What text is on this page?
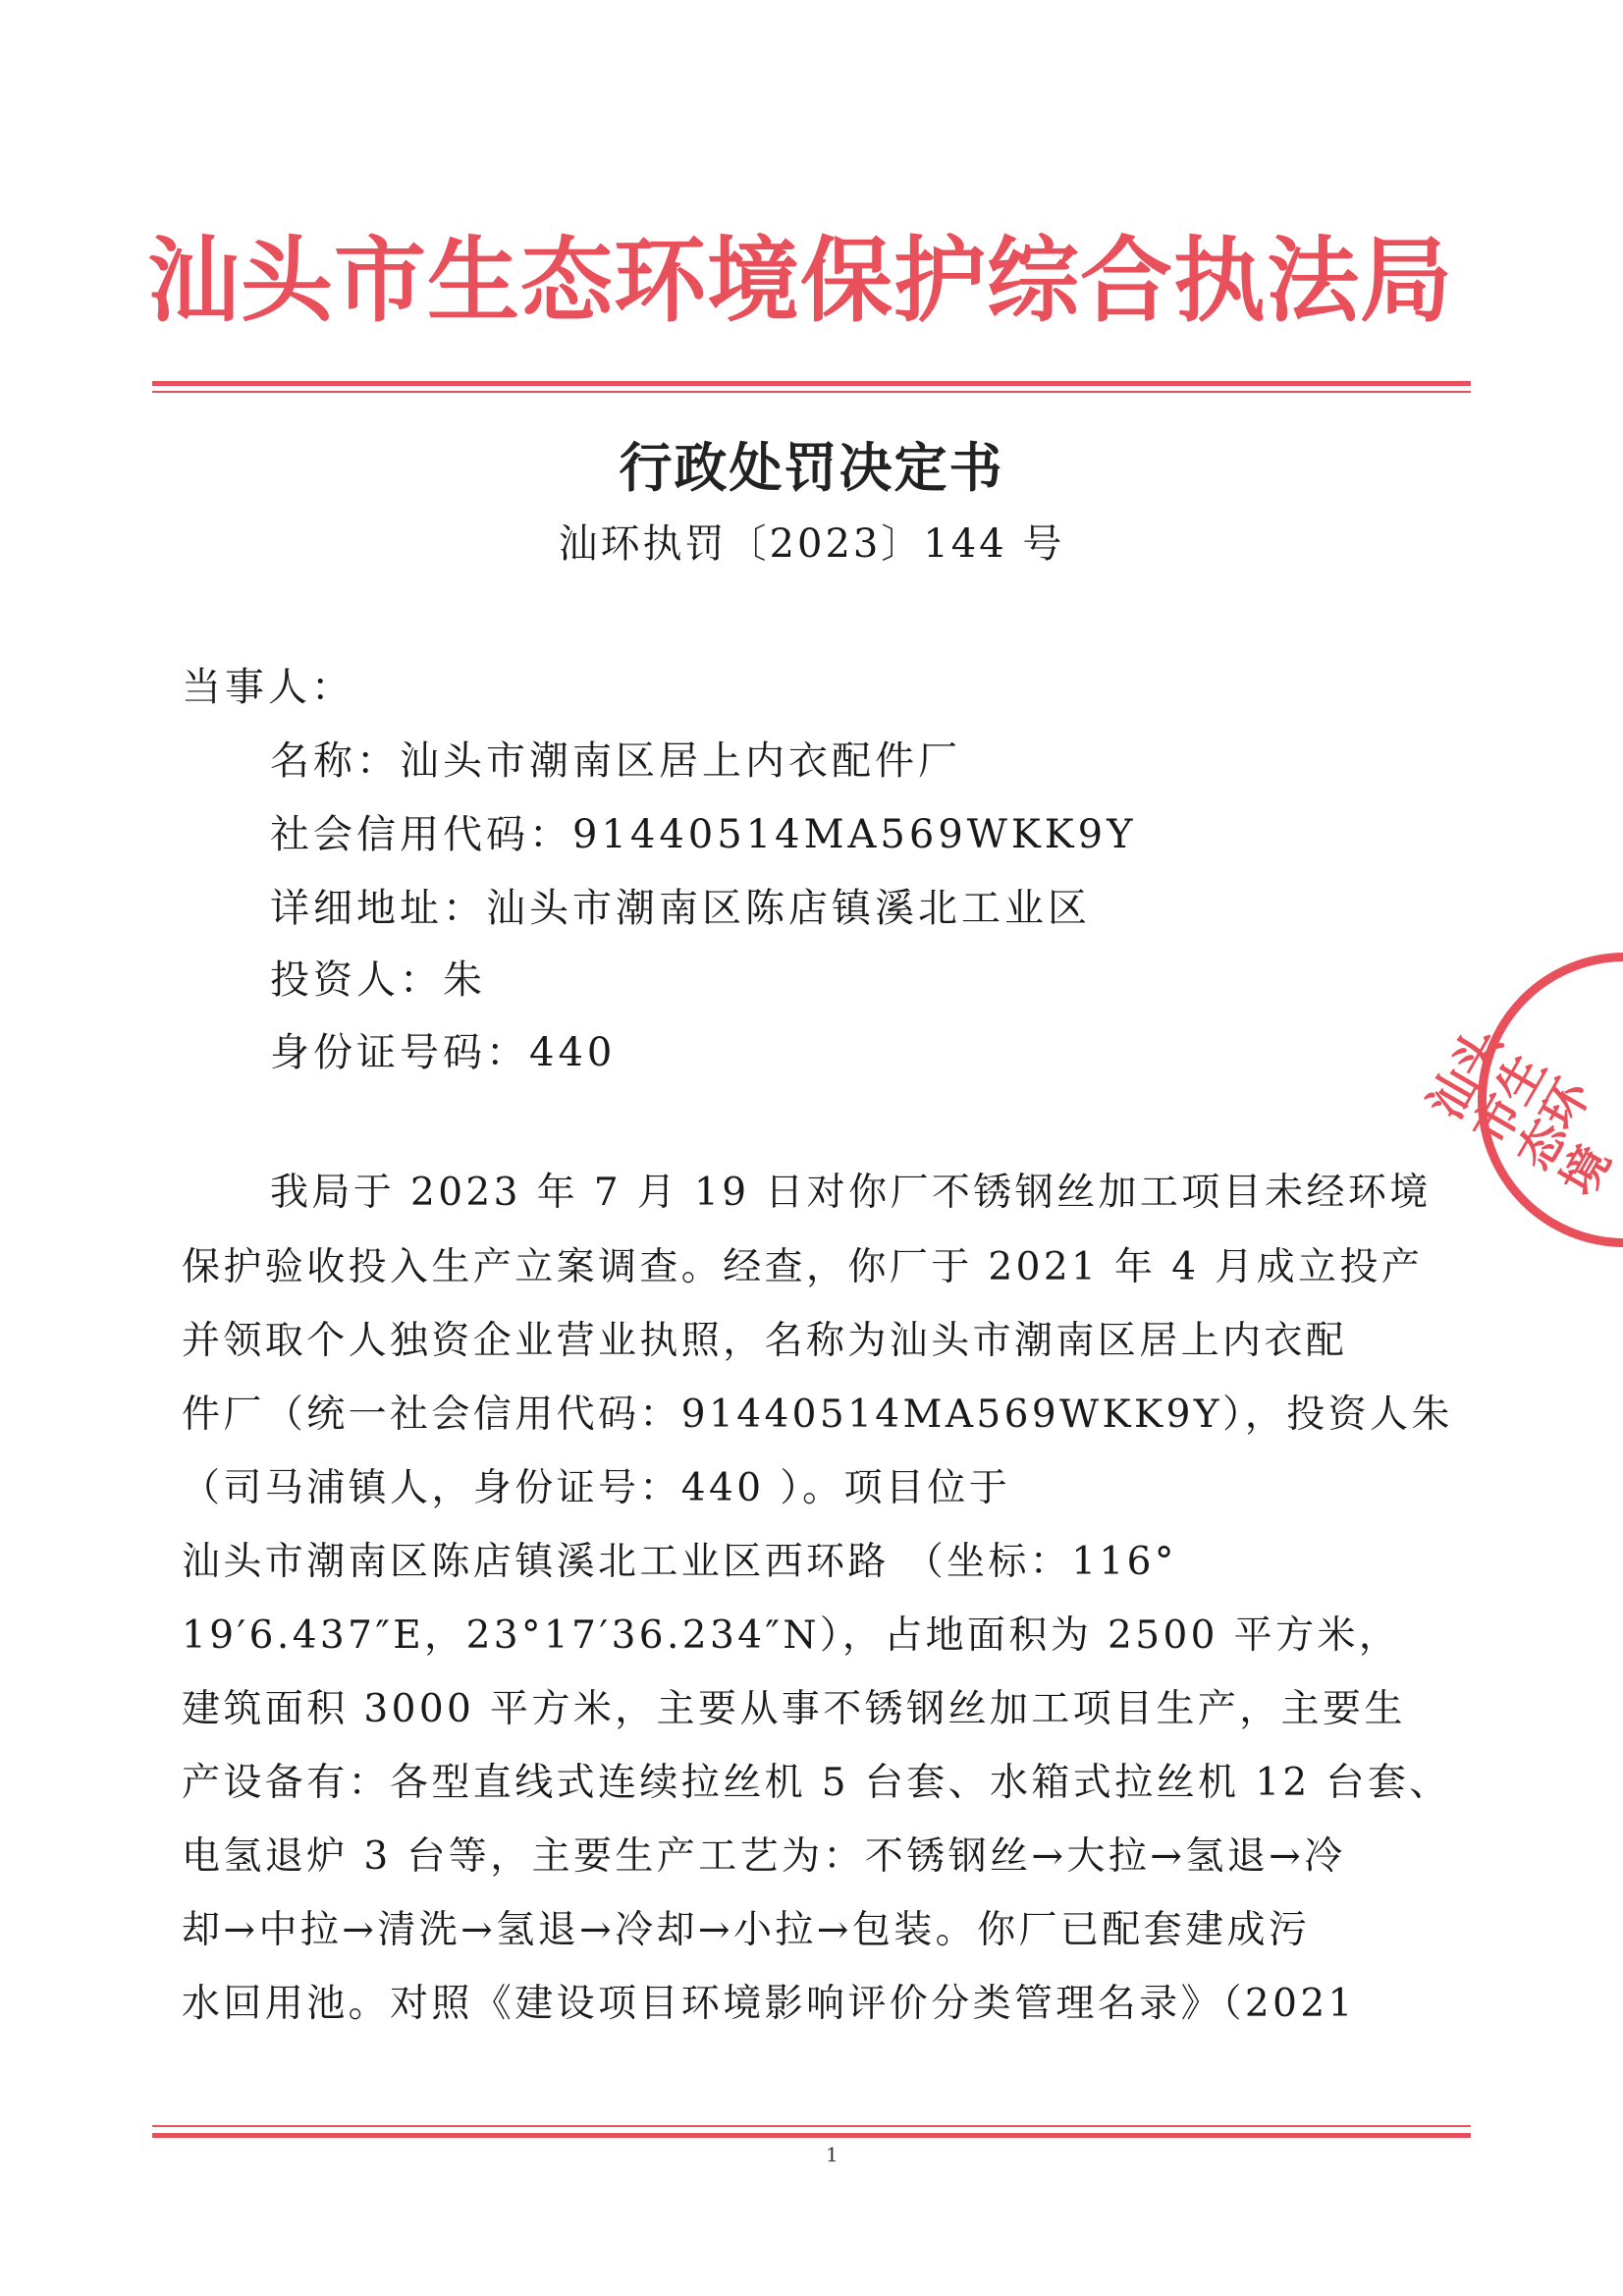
汕头市生态环境保护综合执法局
行政处罚决定书
汕环执罚〔2023〕144 号
当事人：
名称：汕头市潮南区居上内衣配件厂
社会信用代码：91440514MA569WKK9Y
详细地址：汕头市潮南区陈店镇溪北工业区
投资人：朱
身份证号码：440
我局于 2023 年 7 月 19 日对你厂不锈钢丝加工项目未经环境
保护验收投入生产立案调查。经查，你厂于 2021 年 4 月成立投产
并领取个人独资企业营业执照，名称为汕头市潮南区居上内衣配
件厂（统一社会信用代码：91440514MA569WKK9Y），投资人朱
（司马浦镇人，身份证号：440 ）。项目位于
汕头市潮南区陈店镇溪北工业区西环路 （坐标：116°
19′6.437″E，23°17′36.234″N），占地面积为 2500 平方米，
建筑面积 3000 平方米，主要从事不锈钢丝加工项目生产，主要生
产设备有：各型直线式连续拉丝机 5 台套、水箱式拉丝机 12 台套、
电氢退炉 3 台等，主要生产工艺为：不锈钢丝→大拉→氢退→冷
却→中拉→清洗→氢退→冷却→小拉→包装。你厂已配套建成污
水回用池。对照《建设项目环境影响评价分类管理名录》（2021
1
汕头市生态环境
